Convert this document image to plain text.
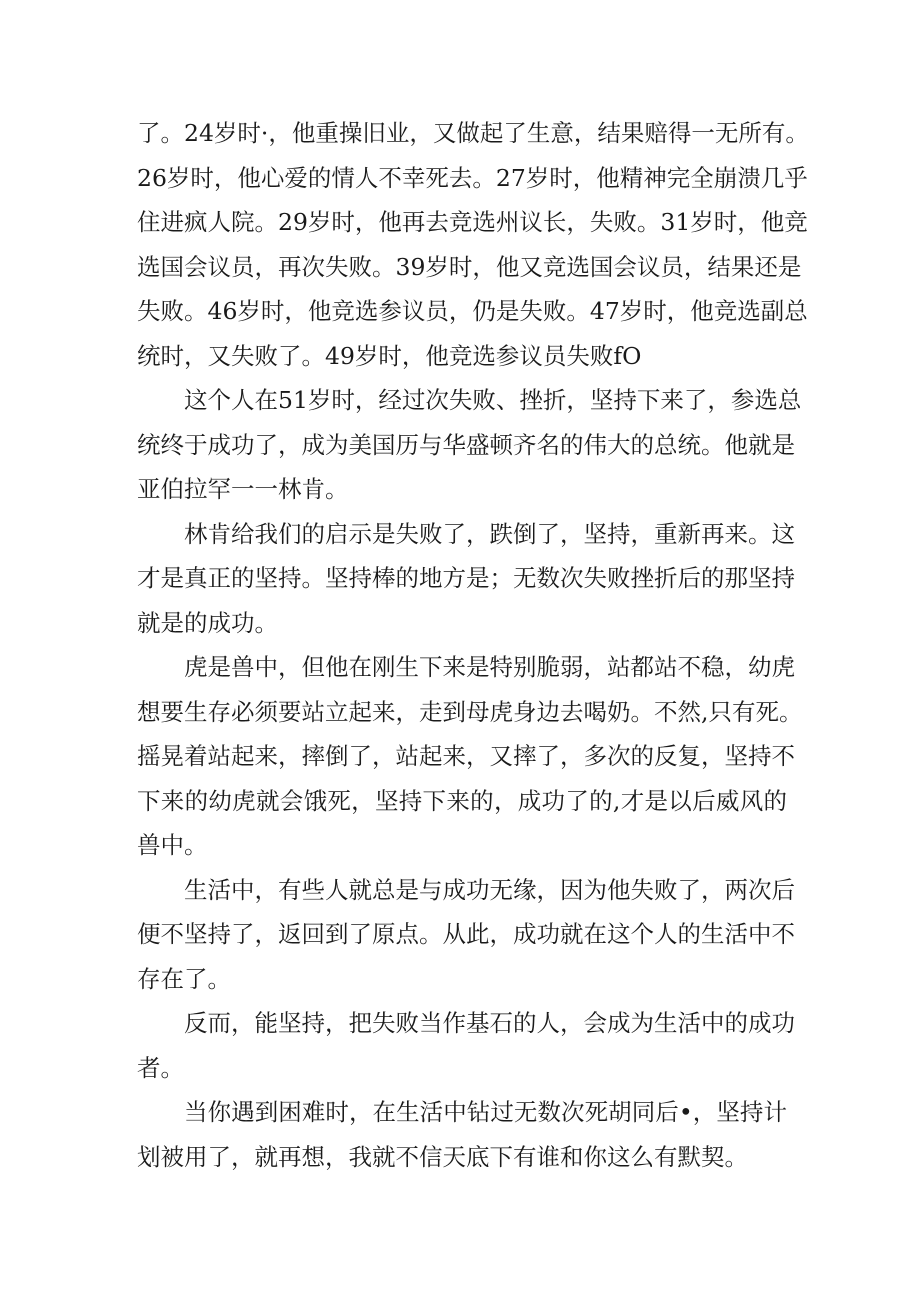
了。24岁时·，他重操旧业，又做起了生意，结果赔得一无所有。
26岁时，他心爱的情人不幸死去。27岁时，他精神完全崩溃几乎
住进疯人院。29岁时，他再去竞选州议长，失败。31岁时，他竞
选国会议员，再次失败。39岁时，他又竞选国会议员，结果还是
失败。46岁时，他竞选参议员，仍是失败。47岁时，他竞选副总
统时，又失败了。49岁时，他竞选参议员失败fO

这个人在51岁时，经过次失败、挫折，坚持下来了，参选总
统终于成功了，成为美国历与华盛顿齐名的伟大的总统。他就是
亚伯拉罕一一林肯。

林肯给我们的启示是失败了，跌倒了，坚持，重新再来。这
才是真正的坚持。坚持棒的地方是；无数次失败挫折后的那坚持
就是的成功。

虎是兽中，但他在刚生下来是特别脆弱，站都站不稳，幼虎
想要生存必须要站立起来，走到母虎身边去喝奶。不然,只有死。
摇晃着站起来，摔倒了，站起来，又摔了，多次的反复，坚持不
下来的幼虎就会饿死，坚持下来的，成功了的,才是以后威风的
兽中。

生活中，有些人就总是与成功无缘，因为他失败了，两次后
便不坚持了，返回到了原点。从此，成功就在这个人的生活中不
存在了。

反而，能坚持，把失败当作基石的人，会成为生活中的成功
者。

当你遇到困难时，在生活中钻过无数次死胡同后•，坚持计
划被用了，就再想，我就不信天底下有谁和你这么有默契。
